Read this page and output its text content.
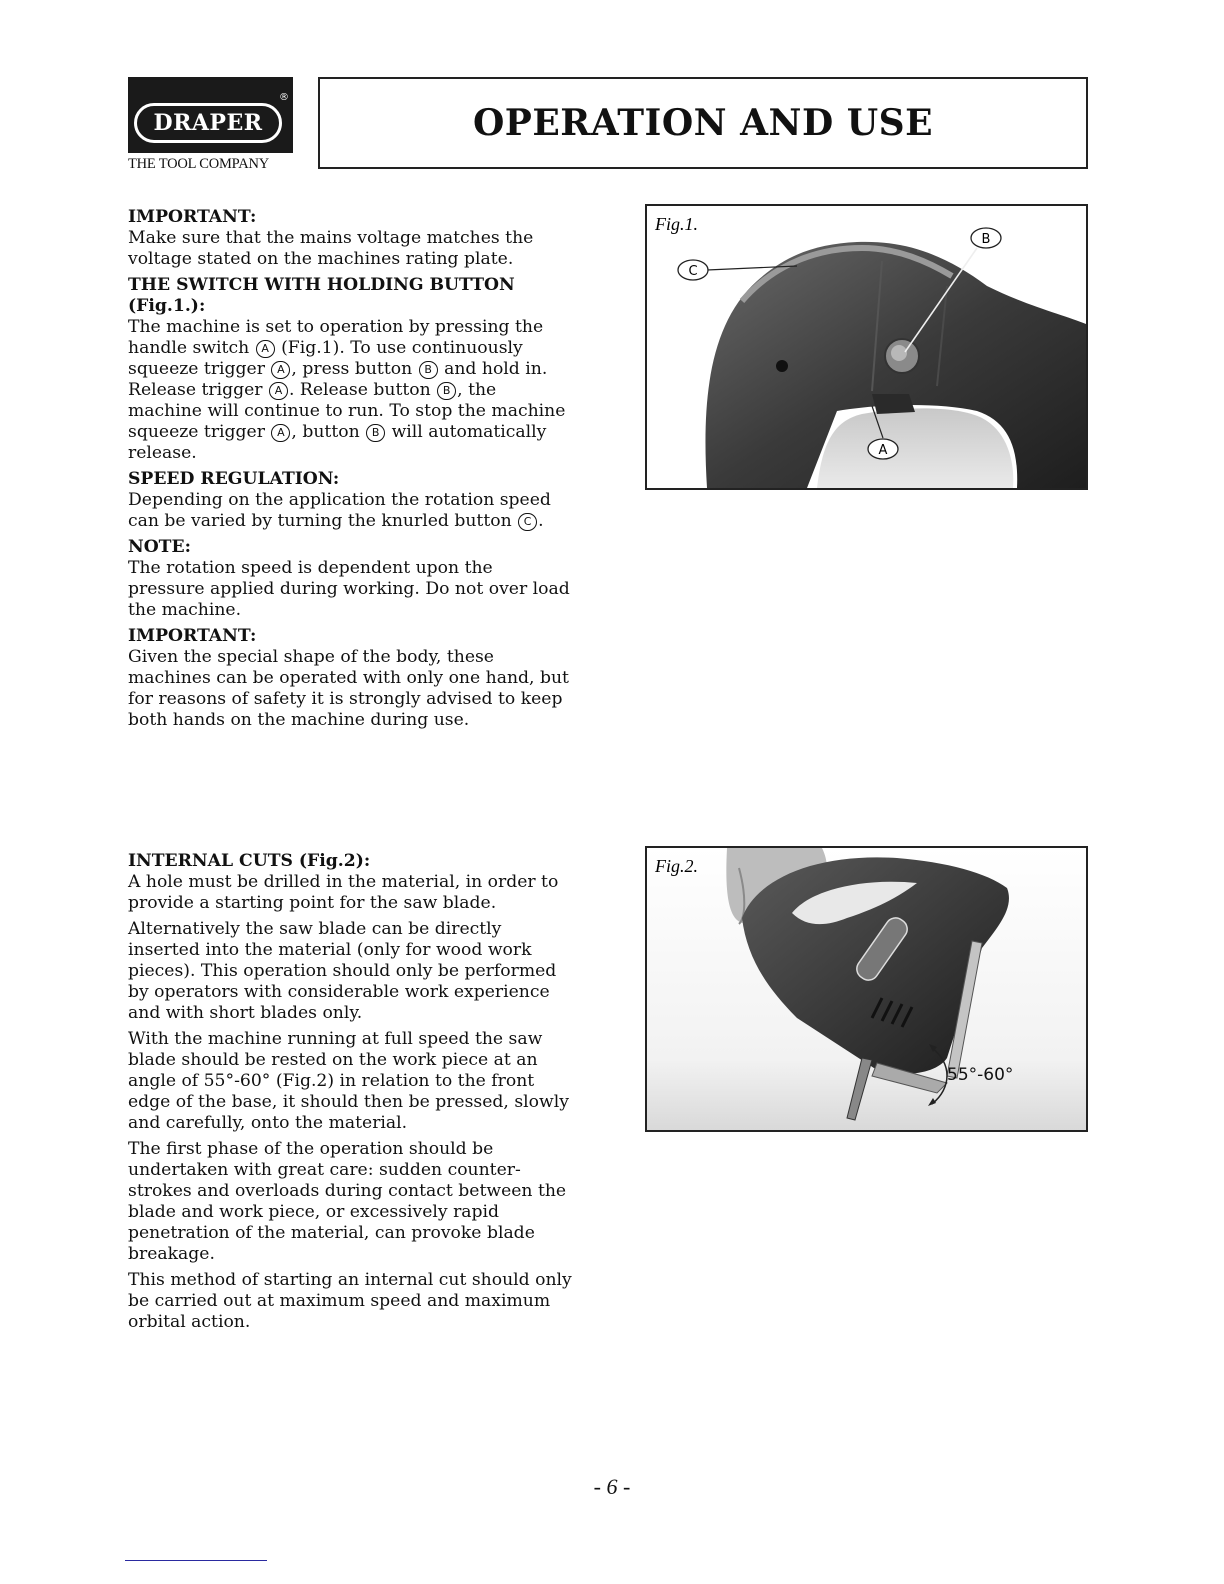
®
DRAPER
THE TOOL COMPANY
OPERATION AND USE
IMPORTANT:

Make sure that the mains voltage matches the voltage stated on the machines rating plate.

THE SWITCH WITH HOLDING BUTTON (Fig.1.):

The machine is set to operation by pressing the handle switch A (Fig.1). To use continuously squeeze trigger A , press button B and hold in. Release trigger A . Release button B , the machine will continue to run. To stop the machine squeeze trigger A , button B will automatically release.

SPEED REGULATION:

Depending on the application the rotation speed can be varied by turning the knurled button C .

NOTE:

The rotation speed is dependent upon the pressure applied during working. Do not over load the machine.

IMPORTANT:

Given the special shape of the body, these machines can be operated with only one hand, but for reasons of safety it is strongly advised to keep both hands on the machine during use.

C
B
A
Fig.1.
INTERNAL CUTS (Fig.2):

A hole must be drilled in the material, in order to provide a starting point for the saw blade.

Alternatively the saw blade can be directly inserted into the material (only for wood work pieces). This operation should only be performed by operators with considerable work experience and with short blades only.

With the machine running at full speed the saw blade should be rested on the work piece at an angle of 55°-60° (Fig.2) in relation to the front edge of the base, it should then be pressed, slowly and carefully, onto the material.

The first phase of the operation should be undertaken with great care: sudden counter-strokes and overloads during contact between the blade and work piece, or excessively rapid penetration of the material, can provoke blade breakage.

This method of starting an internal cut should only be carried out at maximum speed and maximum orbital action.

55°-60°
Fig.2.
- 6 -
